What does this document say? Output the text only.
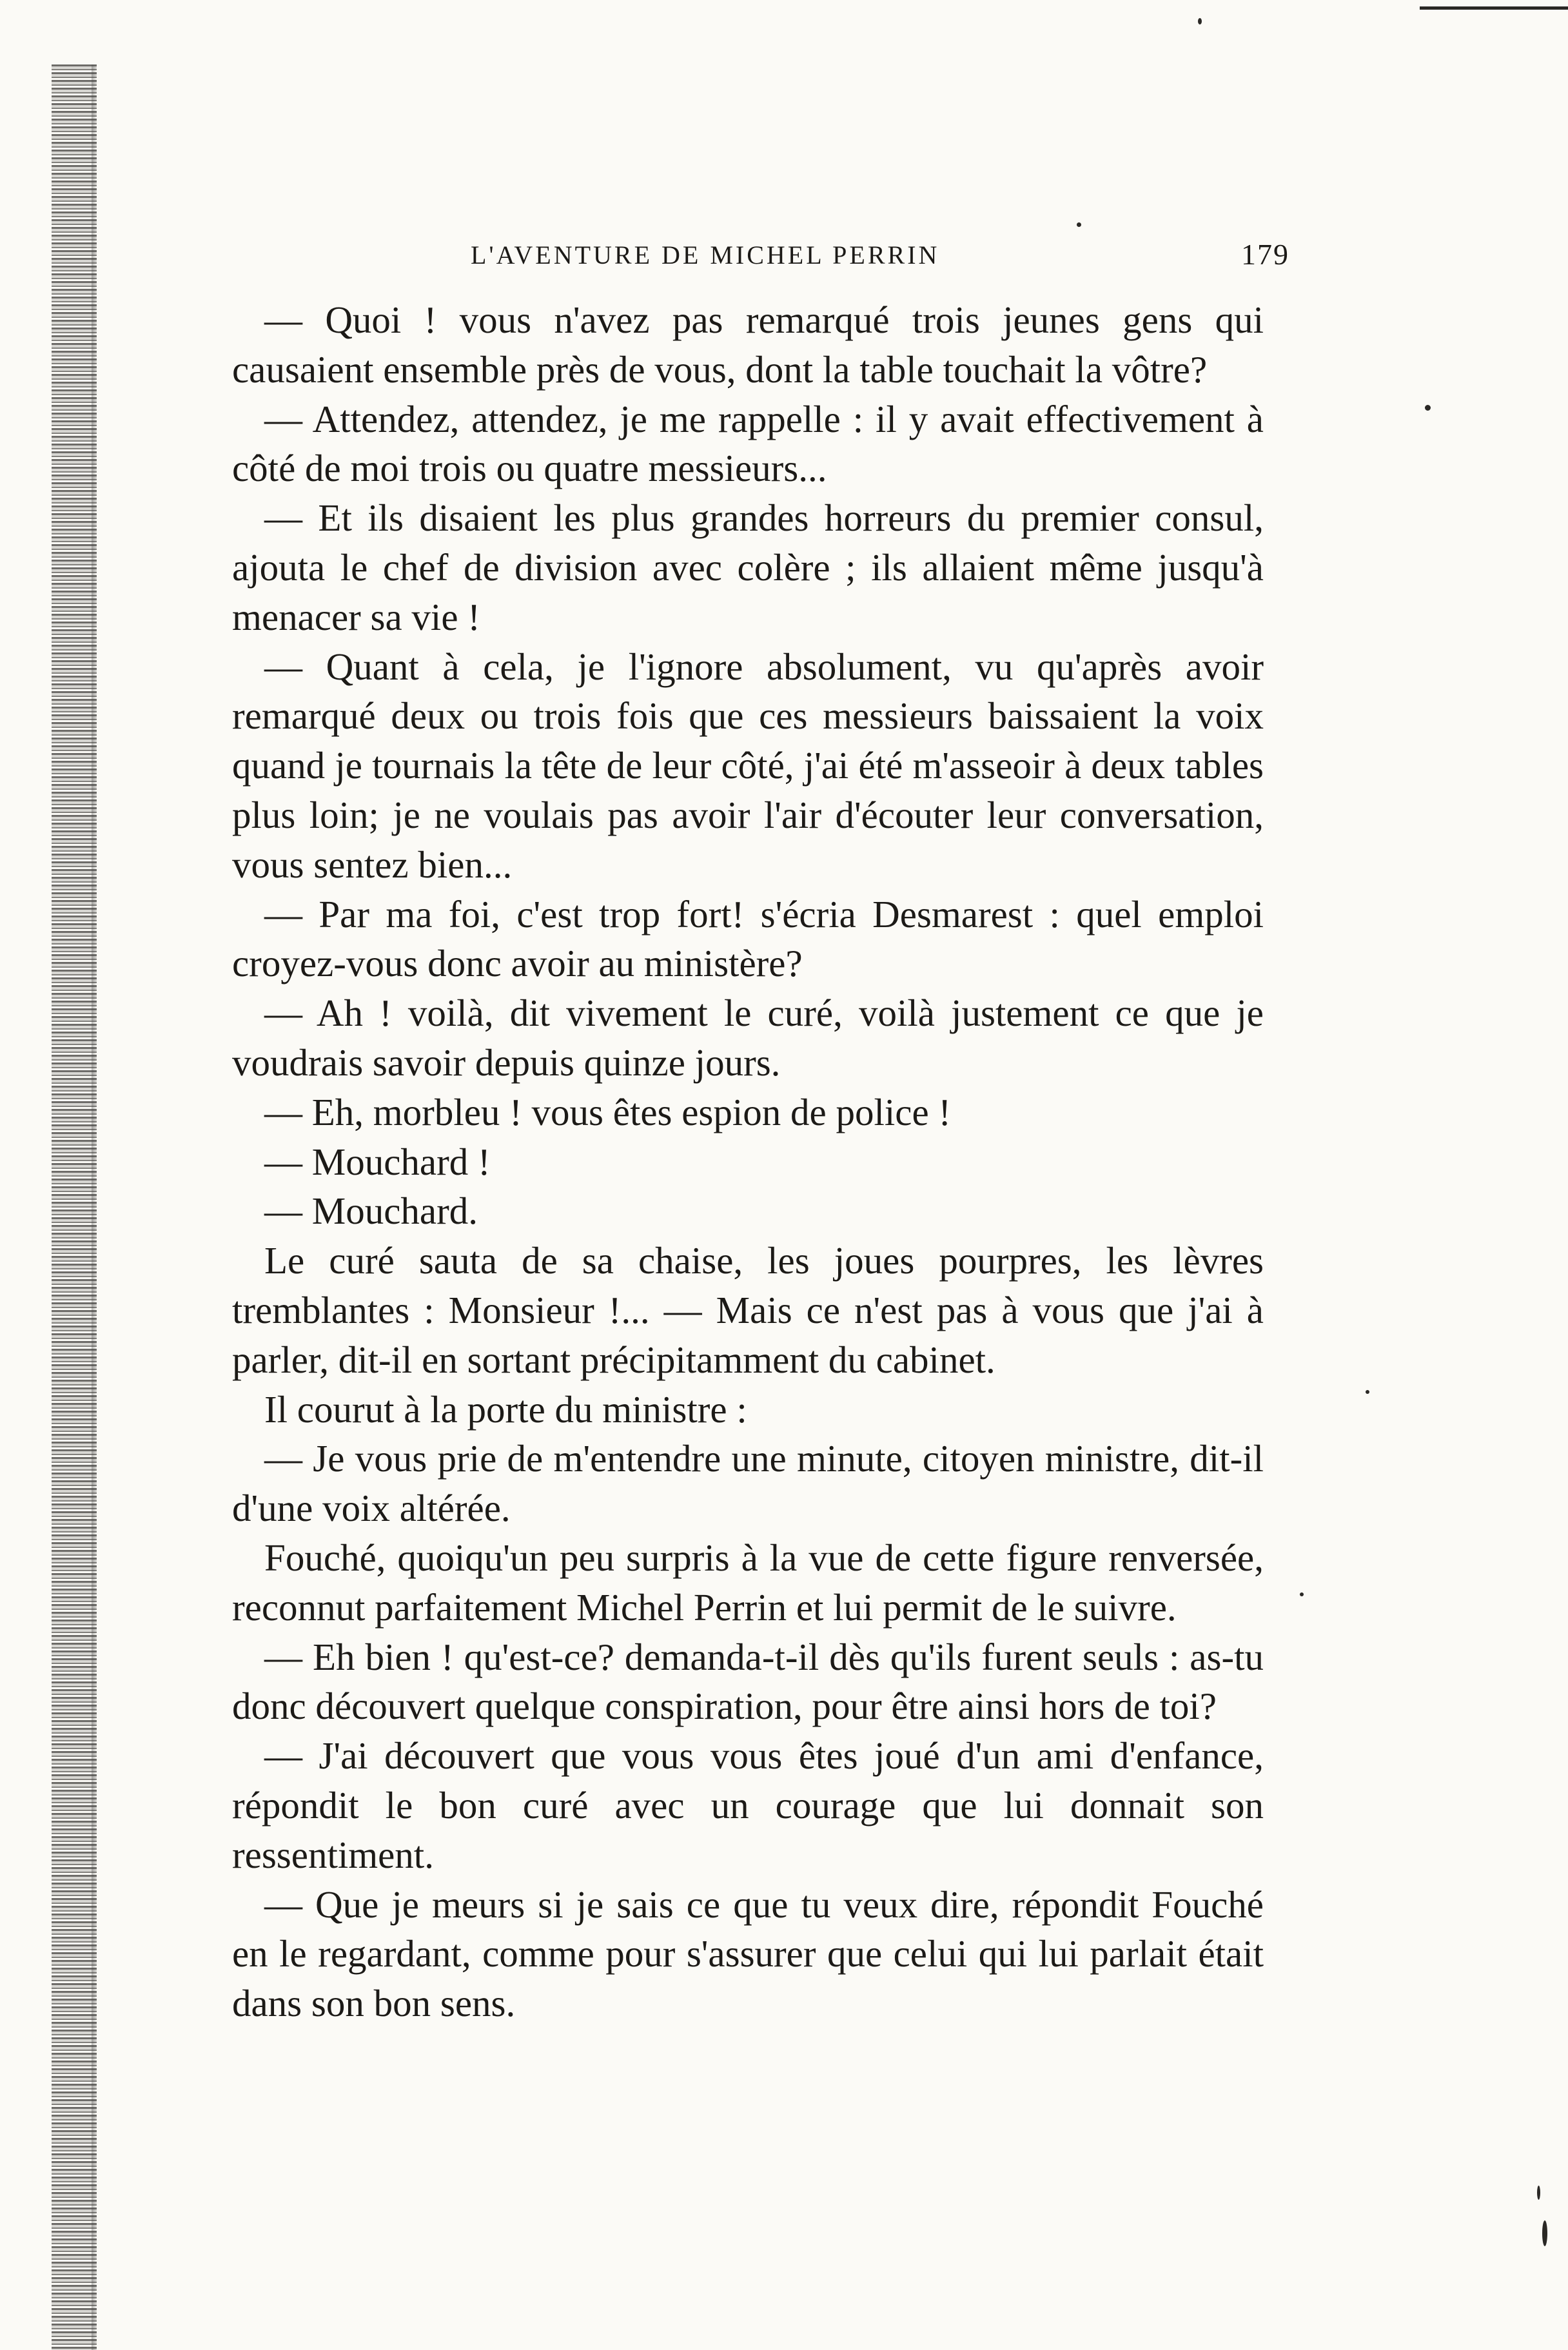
L'AVENTURE DE MICHEL PERRIN	179

— Quoi ! vous n'avez pas remarqué trois jeunes gens qui causaient ensemble près de vous, dont la table touchait la vôtre?

— Attendez, attendez, je me rappelle : il y avait effectivement à côté de moi trois ou quatre messieurs...

— Et ils disaient les plus grandes horreurs du premier consul, ajouta le chef de division avec colère ; ils allaient même jusqu'à menacer sa vie !

— Quant à cela, je l'ignore absolument, vu qu'après avoir remarqué deux ou trois fois que ces messieurs baissaient la voix quand je tournais la tête de leur côté, j'ai été m'asseoir à deux tables plus loin; je ne voulais pas avoir l'air d'écouter leur conversation, vous sentez bien...

— Par ma foi, c'est trop fort! s'écria Desmarest : quel emploi croyez-vous donc avoir au ministère?

— Ah ! voilà, dit vivement le curé, voilà justement ce que je voudrais savoir depuis quinze jours.

— Eh, morbleu ! vous êtes espion de police !

— Mouchard !

— Mouchard.

Le curé sauta de sa chaise, les joues pourpres, les lèvres tremblantes : Monsieur !... — Mais ce n'est pas à vous que j'ai à parler, dit-il en sortant précipitamment du cabinet.

Il courut à la porte du ministre :

— Je vous prie de m'entendre une minute, citoyen ministre, dit-il d'une voix altérée.

Fouché, quoiqu'un peu surpris à la vue de cette figure renversée, reconnut parfaitement Michel Perrin et lui permit de le suivre.

— Eh bien ! qu'est-ce? demanda-t-il dès qu'ils furent seuls : as-tu donc découvert quelque conspiration, pour être ainsi hors de toi?

— J'ai découvert que vous vous êtes joué d'un ami d'enfance, répondit le bon curé avec un courage que lui donnait son ressentiment.

— Que je meurs si je sais ce que tu veux dire, répondit Fouché en le regardant, comme pour s'assurer que celui qui lui parlait était dans son bon sens.
